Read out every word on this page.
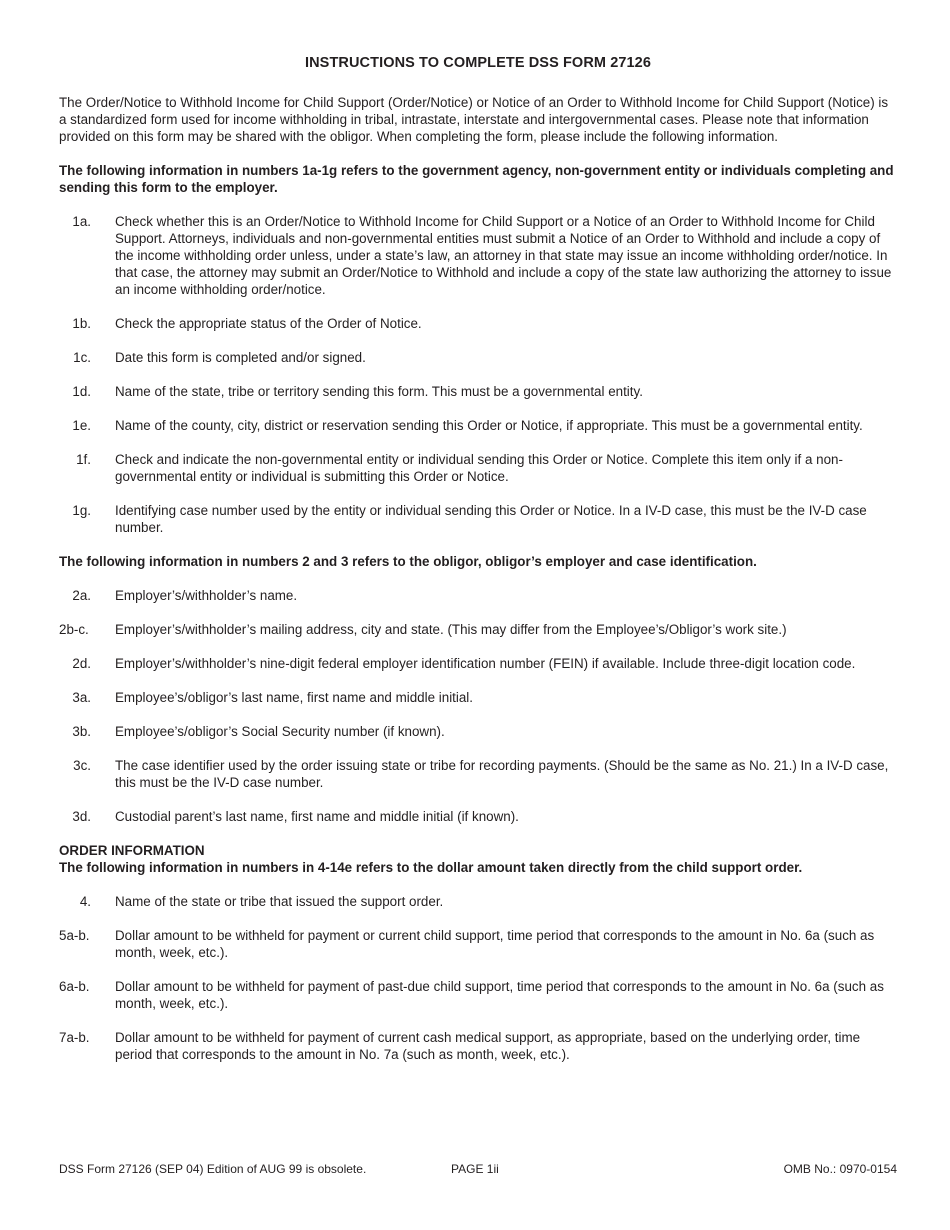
INSTRUCTIONS TO COMPLETE DSS FORM 27126

The Order/Notice to Withhold Income for Child Support (Order/Notice) or Notice of an Order to Withhold Income for Child Support (Notice) is a standardized form used for income withholding in tribal, intrastate, interstate and intergovernmental cases. Please note that information provided on this form may be shared with the obligor. When completing the form, please include the following information.

The following information in numbers 1a-1g refers to the government agency, non-government entity or individuals completing and sending this form to the employer.

1a.	Check whether this is an Order/Notice to Withhold Income for Child Support or a Notice of an Order to Withhold Income for Child Support. Attorneys, individuals and non-governmental entities must submit a Notice of an Order to Withhold and include a copy of the income withholding order unless, under a state’s law, an attorney in that state may issue an income withholding order/notice. In that case, the attorney may submit an Order/Notice to Withhold and include a copy of the state law authorizing the attorney to issue an income withholding order/notice.
1b.	Check the appropriate status of the Order of Notice.
1c.	Date this form is completed and/or signed.
1d.	Name of the state, tribe or territory sending this form. This must be a governmental entity.
1e.	Name of the county, city, district or reservation sending this Order or Notice, if appropriate. This must be a governmental entity.
1f.	Check and indicate the non-governmental entity or individual sending this Order or Notice. Complete this item only if a non-governmental entity or individual is submitting this Order or Notice.
1g.	Identifying case number used by the entity or individual sending this Order or Notice. In a IV-D case, this must be the IV-D case number.

The following information in numbers 2 and 3 refers to the obligor, obligor’s employer and case identification.

2a.	Employer’s/withholder’s name.
2b-c.	Employer’s/withholder’s mailing address, city and state. (This may differ from the Employee’s/Obligor’s work site.)
2d.	Employer’s/withholder’s nine-digit federal employer identification number (FEIN) if available. Include three-digit location code.
3a.	Employee’s/obligor’s last name, first name and middle initial.
3b.	Employee’s/obligor’s Social Security number (if known).
3c.	The case identifier used by the order issuing state or tribe for recording payments. (Should be the same as No. 21.) In a IV-D case, this must be the IV-D case number.
3d.	Custodial parent’s last name, first name and middle initial (if known).

ORDER INFORMATION

The following information in numbers in 4-14e refers to the dollar amount taken directly from the child support order.

4.	Name of the state or tribe that issued the support order.
5a-b.	Dollar amount to be withheld for payment or current child support, time period that corresponds to the amount in No. 6a (such as month, week, etc.).
6a-b.	Dollar amount to be withheld for payment of past-due child support, time period that corresponds to the amount in No. 6a (such as month, week, etc.).
7a-b.	Dollar amount to be withheld for payment of current cash medical support, as appropriate, based on the underlying order, time period that corresponds to the amount in No. 7a (such as month, week, etc.).
DSS Form 27126 (SEP 04) Edition of AUG 99 is obsolete.	PAGE 1ii	OMB No.: 0970-0154
